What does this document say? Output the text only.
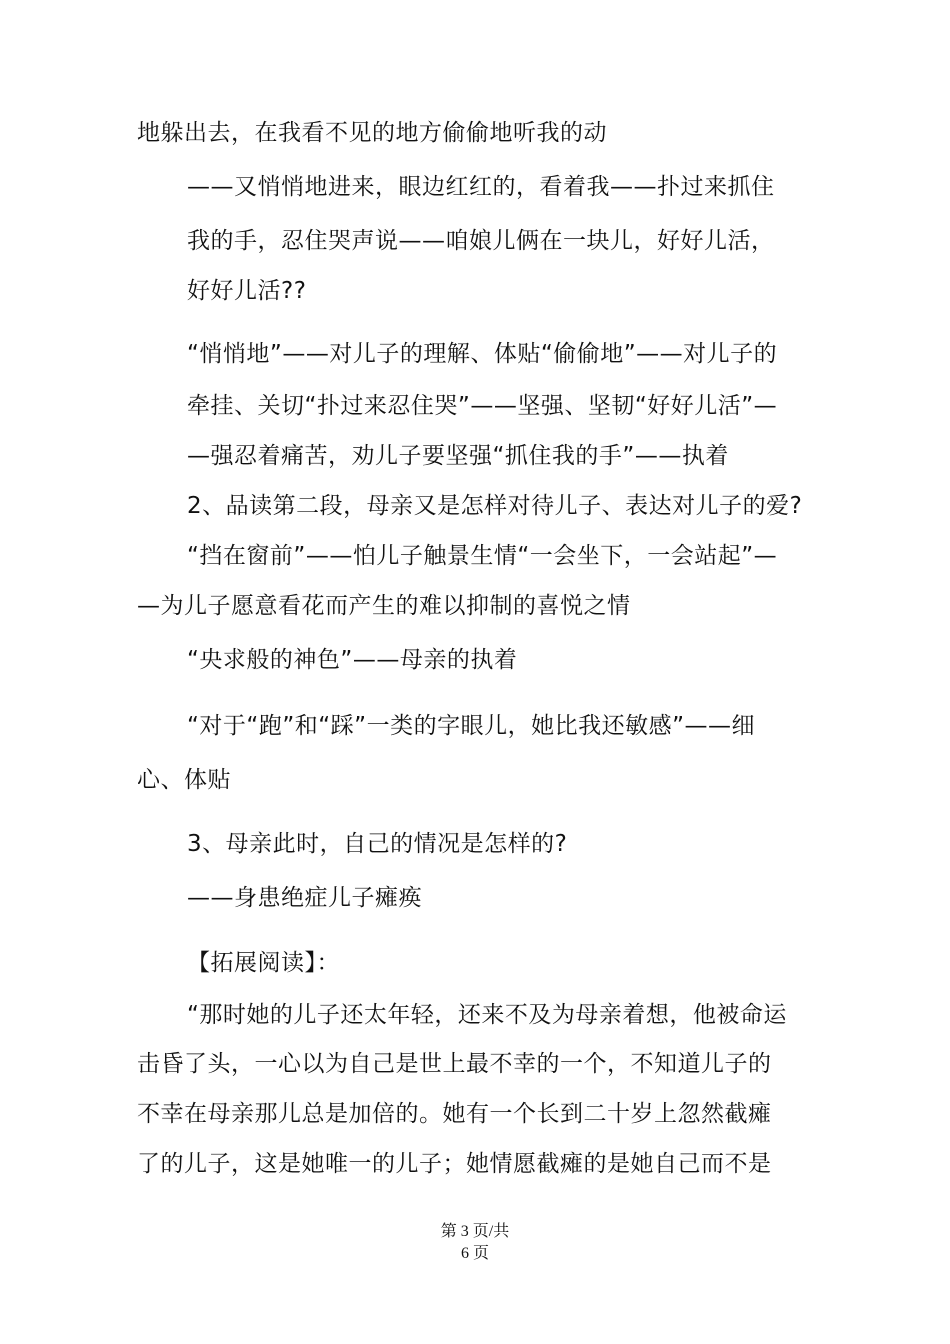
地躲出去，在我看不见的地方偷偷地听我的动
——又悄悄地进来，眼边红红的，看着我——扑过来抓住
我的手，忍住哭声说——咱娘儿俩在一块儿，好好儿活，
好好儿活??
“悄悄地”——对儿子的理解、体贴“偷偷地”——对儿子的
牵挂、关切“扑过来忍住哭”——坚强、坚韧“好好儿活”—
—强忍着痛苦，劝儿子要坚强“抓住我的手”——执着
2、品读第二段，母亲又是怎样对待儿子、表达对儿子的爱?
“挡在窗前”——怕儿子触景生情“一会坐下，一会站起”—
—为儿子愿意看花而产生的难以抑制的喜悦之情
“央求般的神色”——母亲的执着
“对于“跑”和“踩”一类的字眼儿，她比我还敏感”——细
心、体贴
3、母亲此时，自己的情况是怎样的?
——身患绝症儿子瘫痪
【拓展阅读】：
“那时她的儿子还太年轻，还来不及为母亲着想，他被命运
击昏了头，一心以为自己是世上最不幸的一个，不知道儿子的
不幸在母亲那儿总是加倍的。她有一个长到二十岁上忽然截瘫
了的儿子，这是她唯一的儿子；她情愿截瘫的是她自己而不是
第 3 页/共
6 页
